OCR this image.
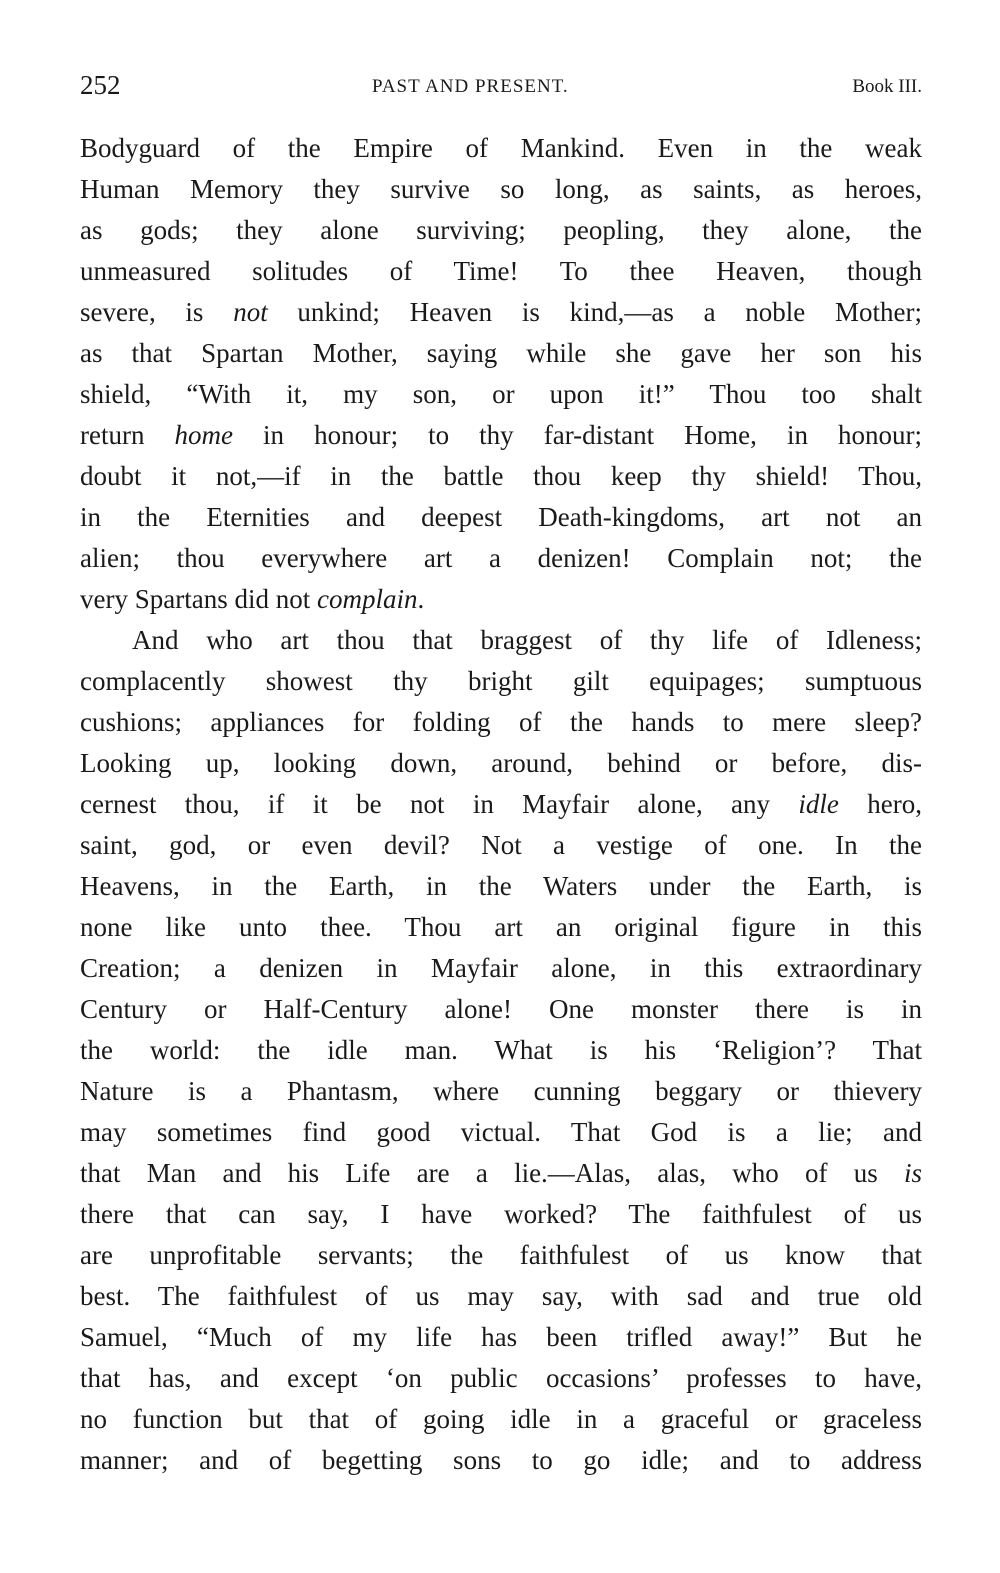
252	PAST AND PRESENT.	Book III.
Bodyguard of the Empire of Mankind. Even in the weak
Human Memory they survive so long, as saints, as heroes,
as gods; they alone surviving; peopling, they alone, the
unmeasured solitudes of Time! To thee Heaven, though
severe, is not unkind; Heaven is kind,—as a noble Mother;
as that Spartan Mother, saying while she gave her son his
shield, “With it, my son, or upon it!” Thou too shalt
return home in honour; to thy far-distant Home, in honour;
doubt it not,—if in the battle thou keep thy shield! Thou,
in the Eternities and deepest Death-kingdoms, art not an
alien; thou everywhere art a denizen! Complain not; the
very Spartans did not complain.
And who art thou that braggest of thy life of Idleness;
complacently showest thy bright gilt equipages; sumptuous
cushions; appliances for folding of the hands to mere sleep?
Looking up, looking down, around, behind or before, dis-
cernest thou, if it be not in Mayfair alone, any idle hero,
saint, god, or even devil? Not a vestige of one. In the
Heavens, in the Earth, in the Waters under the Earth, is
none like unto thee. Thou art an original figure in this
Creation; a denizen in Mayfair alone, in this extraordinary
Century or Half-Century alone! One monster there is in
the world: the idle man. What is his ‘Religion’? That
Nature is a Phantasm, where cunning beggary or thievery
may sometimes find good victual. That God is a lie; and
that Man and his Life are a lie.—Alas, alas, who of us is
there that can say, I have worked? The faithfulest of us
are unprofitable servants; the faithfulest of us know that
best. The faithfulest of us may say, with sad and true old
Samuel, “Much of my life has been trifled away!” But he
that has, and except ‘on public occasions’ professes to have,
no function but that of going idle in a graceful or graceless
manner; and of begetting sons to go idle; and to address
